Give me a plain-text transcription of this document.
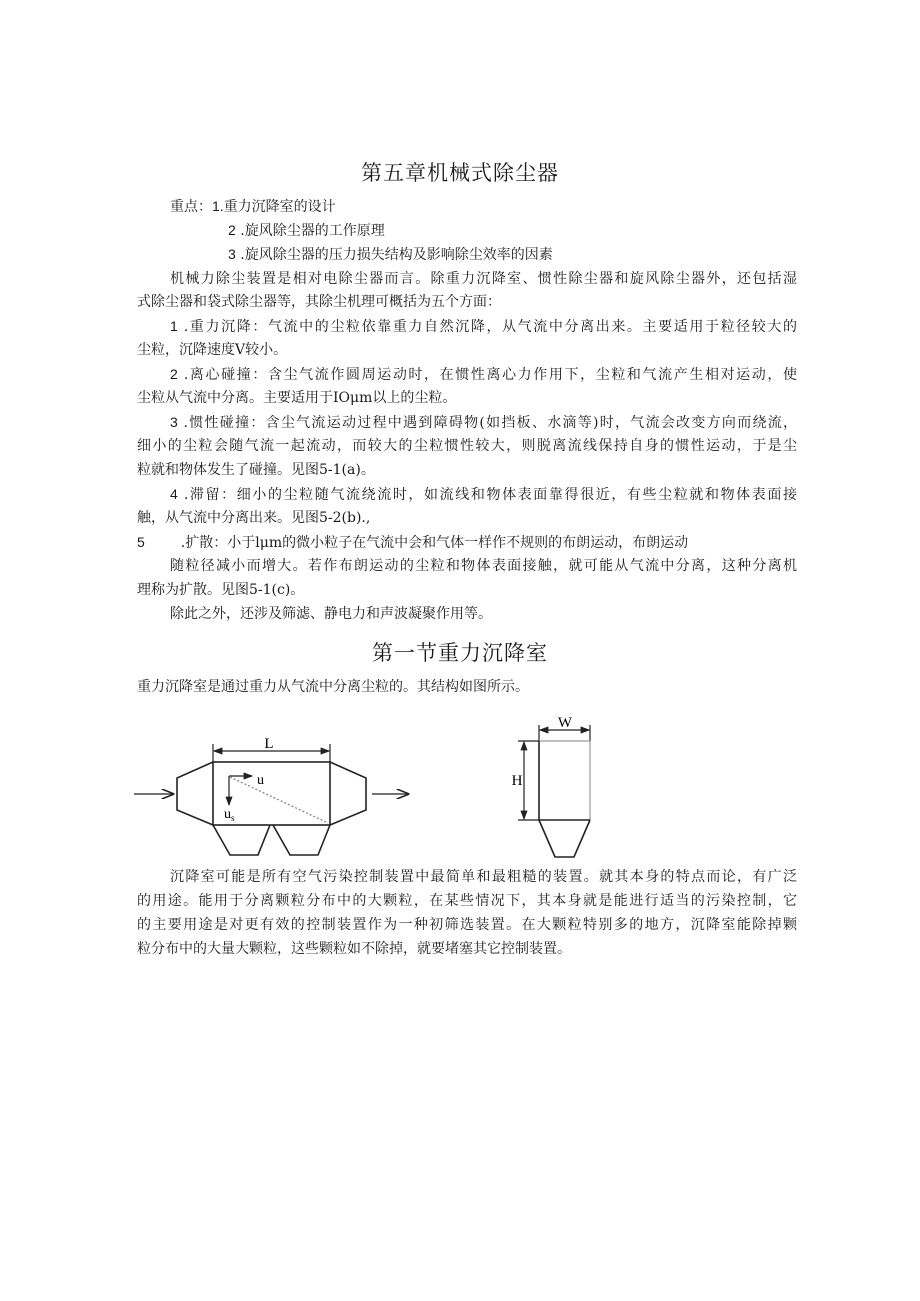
第五章机械式除尘器
重点：1.重力沉降室的设计
2 .旋风除尘器的工作原理
3 .旋风除尘器的压力损失结构及影响除尘效率的因素
机械力除尘装置是相对电除尘器而言。除重力沉降室、惯性除尘器和旋风除尘器外，还包括湿
式除尘器和袋式除尘器等，其除尘机理可概括为五个方面：
1 .重力沉降：气流中的尘粒依靠重力自然沉降，从气流中分离出来。主要适用于粒径较大的
尘粒，沉降速度V较小。
2 .离心碰撞：含尘气流作圆周运动时，在惯性离心力作用下，尘粒和气流产生相对运动，使
尘粒从气流中分离。主要适用于IOμm以上的尘粒。
3 .惯性碰撞：含尘气流运动过程中遇到障碍物(如挡板、水滴等)时，气流会改变方向而绕流，
细小的尘粒会随气流一起流动，而较大的尘粒惯性较大，则脱离流线保持自身的惯性运动，于是尘
粒就和物体发生了碰撞。见图5-1(a)。
4 .滞留：细小的尘粒随气流绕流时，如流线和物体表面靠得很近，有些尘粒就和物体表面接
触，从气流中分离出来。见图5-2(b).,
5	.扩散：小于lμm的微小粒子在气流中会和气体一样作不规则的布朗运动，布朗运动
随粒径减小而增大。若作布朗运动的尘粒和物体表面接触，就可能从气流中分离，这种分离机
理称为扩散。见图5-1(c)。
除此之外，还涉及筛滤、静电力和声波凝聚作用等。
第一节重力沉降室
重力沉降室是通过重力从气流中分离尘粒的。其结构如图所示。
L
u
$u_s$
W
H
沉降室可能是所有空气污染控制装置中最简单和最粗糙的装置。就其本身的特点而论，有广泛
的用途。能用于分离颗粒分布中的大颗粒，在某些情况下，其本身就是能进行适当的污染控制，它
的主要用途是对更有效的控制装置作为一种初筛选装置。在大颗粒特别多的地方，沉降室能除掉颗
粒分布中的大量大颗粒，这些颗粒如不除掉，就要堵塞其它控制装置。
